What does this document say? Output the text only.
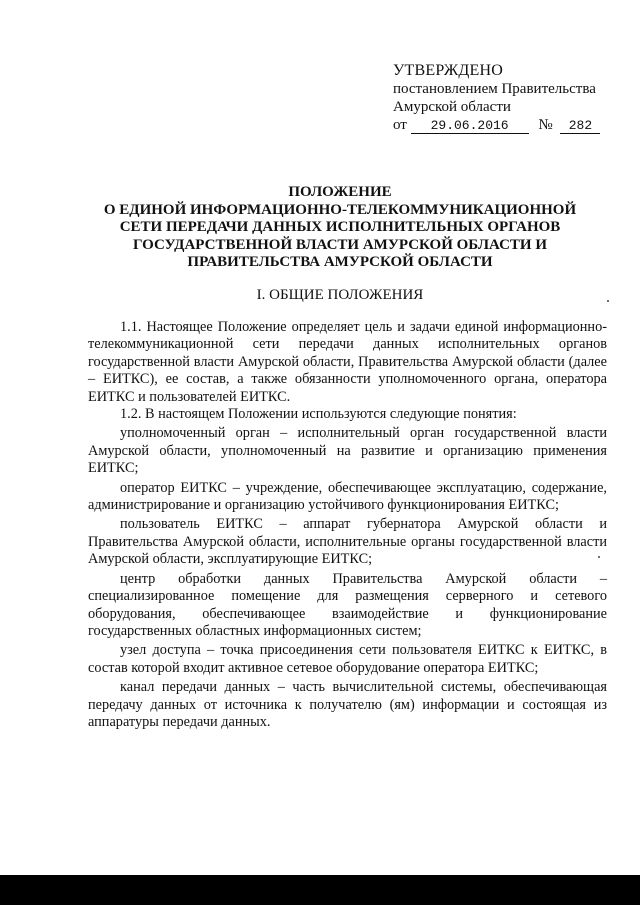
УТВЕРЖДЕНО
постановлением Правительства
Амурской области
от 29.06.2016 № 282
ПОЛОЖЕНИЕ
О ЕДИНОЙ ИНФОРМАЦИОННО-ТЕЛЕКОММУНИКАЦИОННОЙ
СЕТИ ПЕРЕДАЧИ ДАННЫХ ИСПОЛНИТЕЛЬНЫХ ОРГАНОВ
ГОСУДАРСТВЕННОЙ ВЛАСТИ АМУРСКОЙ ОБЛАСТИ И
ПРАВИТЕЛЬСТВА АМУРСКОЙ ОБЛАСТИ
I. ОБЩИЕ ПОЛОЖЕНИЯ

1.1. Настоящее Положение определяет цель и задачи единой информационно-телекоммуникационной сети передачи данных исполнительных органов государственной власти Амурской области, Правительства Амурской области (далее – ЕИТКС), ее состав, а также обязанности уполномоченного органа, оператора ЕИТКС и пользователей ЕИТКС.

1.2. В настоящем Положении используются следующие понятия:

уполномоченный орган – исполнительный орган государственной власти Амурской области, уполномоченный на развитие и организацию применения ЕИТКС;

оператор ЕИТКС – учреждение, обеспечивающее эксплуатацию, содержание, администрирование и организацию устойчивого функционирования ЕИТКС;

пользователь ЕИТКС – аппарат губернатора Амурской области и Правительства Амурской области, исполнительные органы государственной власти Амурской области, эксплуатирующие ЕИТКС;

центр обработки данных Правительства Амурской области – специализированное помещение для размещения серверного и сетевого оборудования, обеспечивающее взаимодействие и функционирование государственных областных информационных систем;

узел доступа – точка присоединения сети пользователя ЕИТКС к ЕИТКС, в состав которой входит активное сетевое оборудование оператора ЕИТКС;

канал передачи данных – часть вычислительной системы, обеспечивающая передачу данных от источника к получателю (ям) информации и состоящая из аппаратуры передачи данных.
